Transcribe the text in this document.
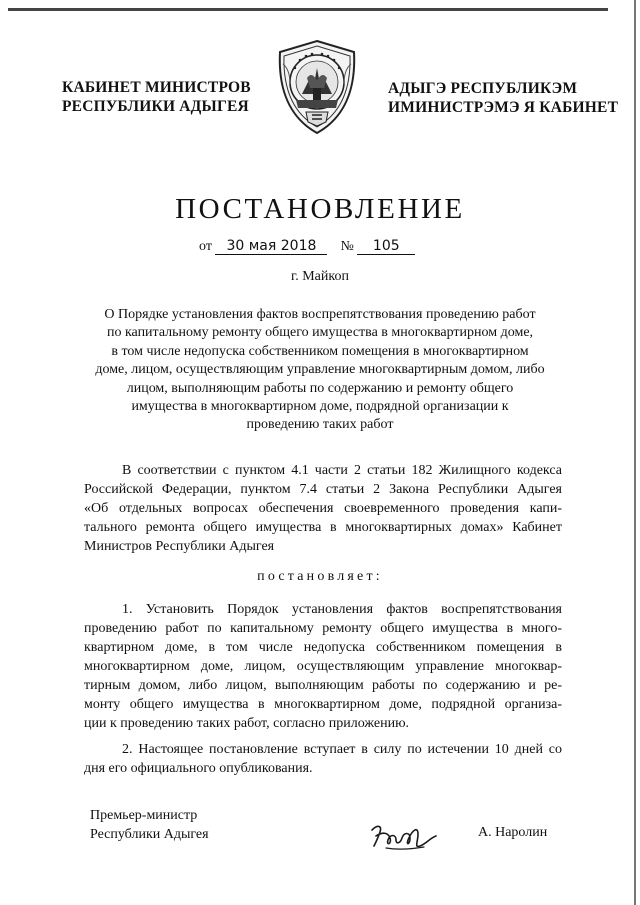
КАБИНЕТ МИНИСТРОВ
РЕСПУБЛИКИ АДЫГЕЯ
АДЫГЭ РЕСПУБЛИКЭМ
ИМИНИСТРЭМЭ Я КАБИНЕТ
ПОСТАНОВЛЕНИЕ
от 30 мая 2018 № 105
г. Майкоп
О Порядке установления фактов воспрепятствования проведению работ
по капитальному ремонту общего имущества в многоквартирном доме,
в том числе недопуска собственником помещения в многоквартирном
доме, лицом, осуществляющим управление многоквартирным домом, либо
лицом, выполняющим работы по содержанию и ремонту общего
имущества в многоквартирном доме, подрядной организации к
проведению таких работ
В соответствии с пунктом 4.1 части 2 статьи 182 Жилищного кодекса
Российской Федерации, пунктом 7.4 статьи 2 Закона Республики Адыгея
«Об отдельных вопросах обеспечения своевременного проведения капи-
тального ремонта общего имущества в многоквартирных домах» Кабинет
Министров Республики Адыгея
постановляет:
1. Установить Порядок установления фактов воспрепятствования
проведению работ по капитальному ремонту общего имущества в много-
квартирном доме, в том числе недопуска собственником помещения в
многоквартирном доме, лицом, осуществляющим управление многоквар-
тирным домом, либо лицом, выполняющим работы по содержанию и ре-
монту общего имущества в многоквартирном доме, подрядной организа-
ции к проведению таких работ, согласно приложению.
2. Настоящее постановление вступает в силу по истечении 10 дней со
дня его официального опубликования.
Премьер-министр
Республики Адыгея	А. Наролин
